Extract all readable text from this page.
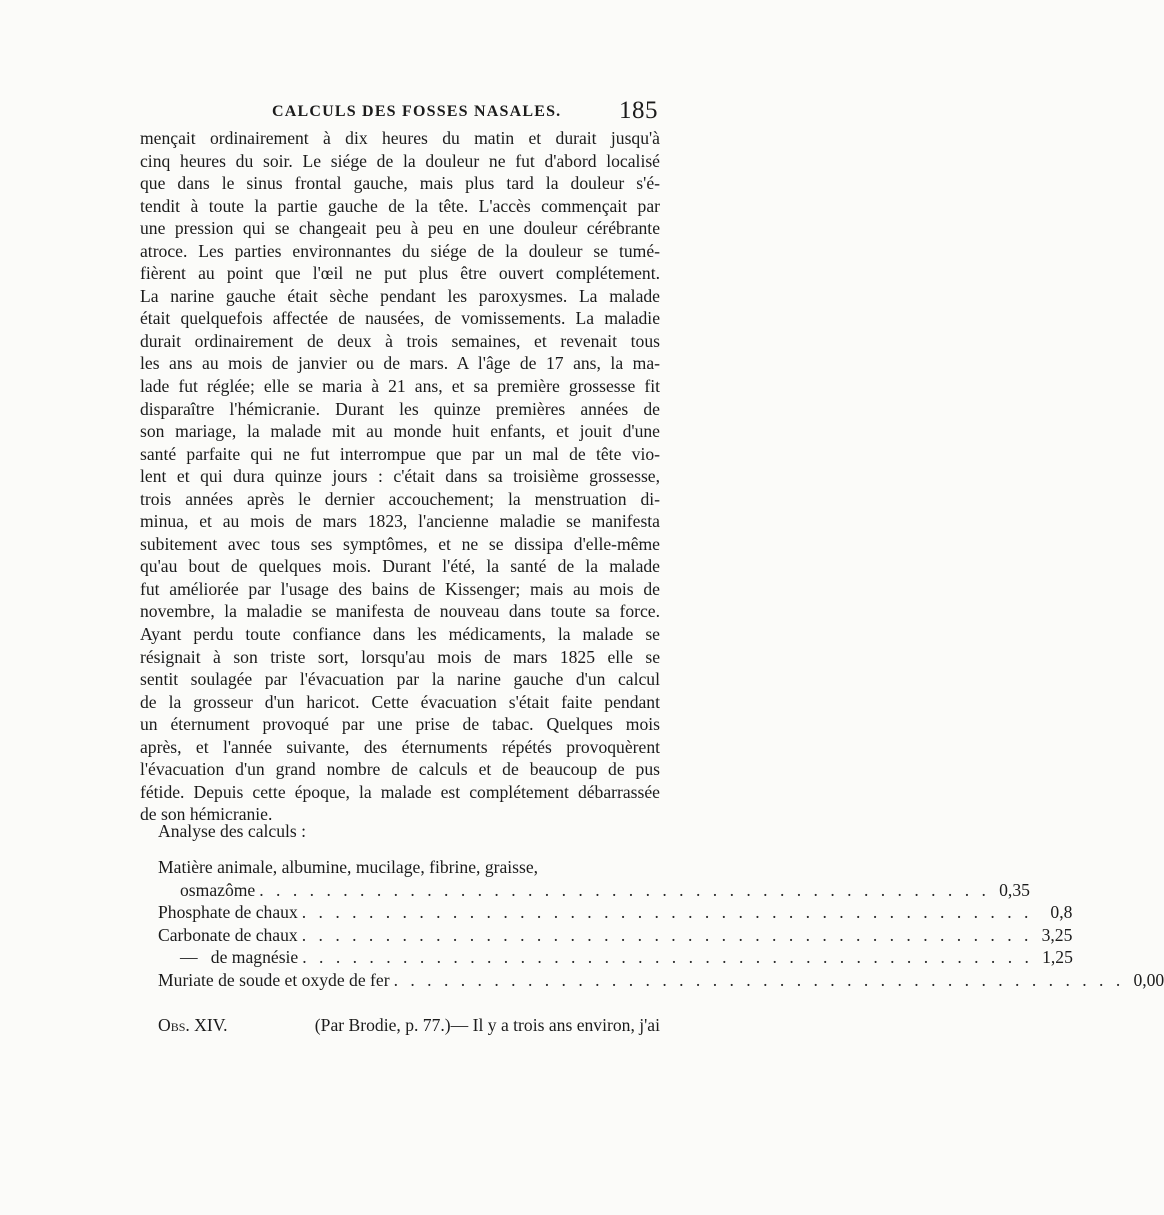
CALCULS DES FOSSES NASALES. 185
mençait ordinairement à dix heures du matin et durait jusqu'à
cinq heures du soir. Le siége de la douleur ne fut d'abord localisé
que dans le sinus frontal gauche, mais plus tard la douleur s'é-
tendit à toute la partie gauche de la tête. L'accès commençait par
une pression qui se changeait peu à peu en une douleur cérébrante
atroce. Les parties environnantes du siége de la douleur se tumé-
fièrent au point que l'œil ne put plus être ouvert complétement.
La narine gauche était sèche pendant les paroxysmes. La malade
était quelquefois affectée de nausées, de vomissements. La maladie
durait ordinairement de deux à trois semaines, et revenait tous
les ans au mois de janvier ou de mars. A l'âge de 17 ans, la ma-
lade fut réglée; elle se maria à 21 ans, et sa première grossesse fit
disparaître l'hémicranie. Durant les quinze premières années de
son mariage, la malade mit au monde huit enfants, et jouit d'une
santé parfaite qui ne fut interrompue que par un mal de tête vio-
lent et qui dura quinze jours : c'était dans sa troisième grossesse,
trois années après le dernier accouchement; la menstruation di-
minua, et au mois de mars 1823, l'ancienne maladie se manifesta
subitement avec tous ses symptômes, et ne se dissipa d'elle-même
qu'au bout de quelques mois. Durant l'été, la santé de la malade
fut améliorée par l'usage des bains de Kissenger; mais au mois de
novembre, la maladie se manifesta de nouveau dans toute sa force.
Ayant perdu toute confiance dans les médicaments, la malade se
résignait à son triste sort, lorsqu'au mois de mars 1825 elle se
sentit soulagée par l'évacuation par la narine gauche d'un calcul
de la grosseur d'un haricot. Cette évacuation s'était faite pendant
un éternument provoqué par une prise de tabac. Quelques mois
après, et l'année suivante, des éternuments répétés provoquèrent
l'évacuation d'un grand nombre de calculs et de beaucoup de pus
fétide. Depuis cette époque, la malade est complétement débarrassée
de son hémicranie.
Analyse des calculs :
Matière animale, albumine, mucilage, fibrine, graisse,
osmazôme . . . . . . . . . . . . . . . . . . . . . . . . . . . . . . . . . . . . . . . . . . . . 0,35
Phosphate de chaux . . . . . . . . . . . . . . . . . . . . . . . . . . . . . . . . . . . . . . . . . . . .	0,8
Carbonate de chaux . . . . . . . . . . . . . . . . . . . . . . . . . . . . . . . . . . . . . . . . . . . . 3,25
—   de magnésie . . . . . . . . . . . . . . . . . . . . . . . . . . . . . . . . . . . . . . . . . . . . 1,25
Muriate de soude et oxyde de fer . . . . . . . . . . . . . . . . . . . . . . . . . . . . . . . . . . . . . . . . . . . . 0,00
Obs. XIV.	(Par Brodie, p. 77.)— Il y a trois ans environ, j'ai
